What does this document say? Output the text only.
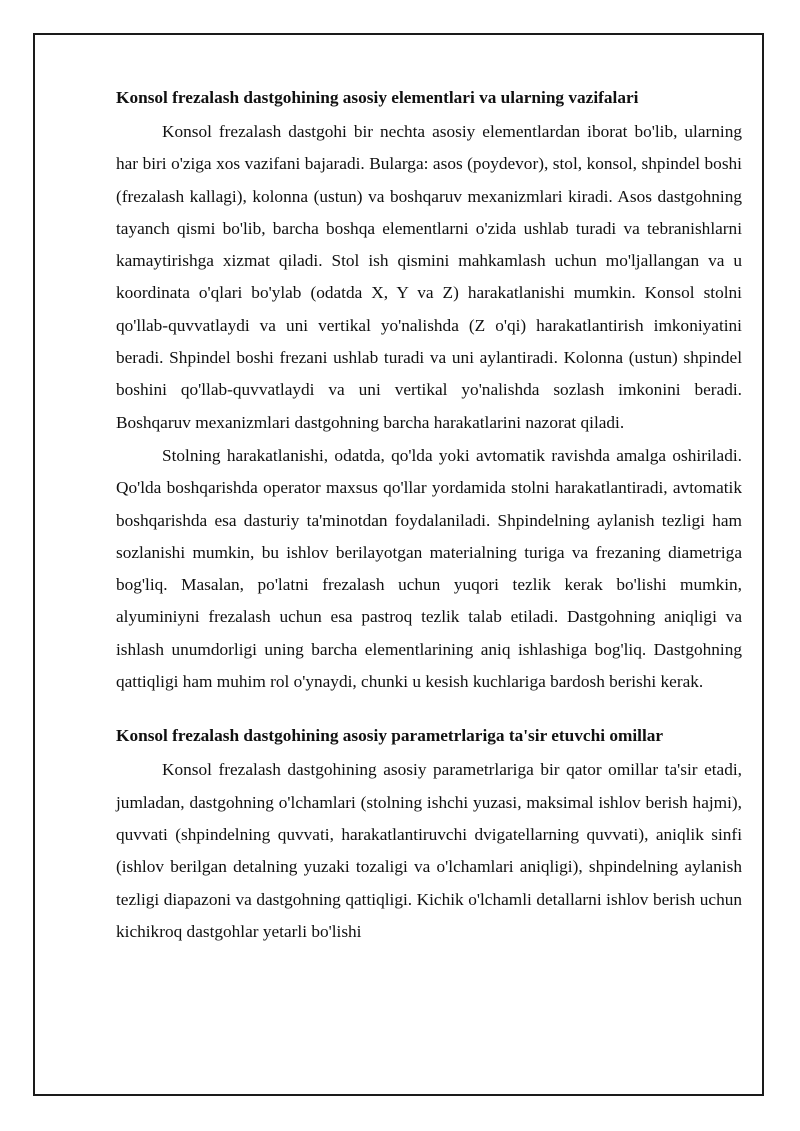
Konsol frezalash dastgohining asosiy elementlari va ularning vazifalari

Konsol frezalash dastgohi bir nechta asosiy elementlardan iborat bo'lib, ularning har biri o'ziga xos vazifani bajaradi. Bularga: asos (poydevor), stol, konsol, shpindel boshi (frezalash kallagi), kolonna (ustun) va boshqaruv mexanizmlari kiradi. Asos dastgohning tayanch qismi bo'lib, barcha boshqa elementlarni o'zida ushlab turadi va tebranishlarni kamaytirishga xizmat qiladi. Stol ish qismini mahkamlash uchun mo'ljallangan va u koordinata o'qlari bo'ylab (odatda X, Y va Z) harakatlanishi mumkin. Konsol stolni qo'llab-quvvatlaydi va uni vertikal yo'nalishda (Z o'qi) harakatlantirish imkoniyatini beradi. Shpindel boshi frezani ushlab turadi va uni aylantiradi. Kolonna (ustun) shpindel boshini qo'llab-quvvatlaydi va uni vertikal yo'nalishda sozlash imkonini beradi. Boshqaruv mexanizmlari dastgohning barcha harakatlarini nazorat qiladi.

Stolning harakatlanishi, odatda, qo'lda yoki avtomatik ravishda amalga oshiriladi. Qo'lda boshqarishda operator maxsus qo'llar yordamida stolni harakatlantiradi, avtomatik boshqarishda esa dasturiy ta'minotdan foydalaniladi. Shpindelning aylanish tezligi ham sozlanishi mumkin, bu ishlov berilayotgan materialning turiga va frezaning diametriga bog'liq. Masalan, po'latni frezalash uchun yuqori tezlik kerak bo'lishi mumkin, alyuminiyni frezalash uchun esa pastroq tezlik talab etiladi. Dastgohning aniqligi va ishlash unumdorligi uning barcha elementlarining aniq ishlashiga bog'liq. Dastgohning qattiqligi ham muhim rol o'ynaydi, chunki u kesish kuchlariga bardosh berishi kerak.

Konsol frezalash dastgohining asosiy parametrlariga ta'sir etuvchi omillar

Konsol frezalash dastgohining asosiy parametrlariga bir qator omillar ta'sir etadi, jumladan, dastgohning o'lchamlari (stolning ishchi yuzasi, maksimal ishlov berish hajmi), quvvati (shpindelning quvvati, harakatlantiruvchi dvigatellarning quvvati), aniqlik sinfi (ishlov berilgan detalning yuzaki tozaligi va o'lchamlari aniqligi), shpindelning aylanish tezligi diapazoni va dastgohning qattiqligi. Kichik o'lchamli detallarni ishlov berish uchun kichikroq dastgohlar yetarli bo'lishi
